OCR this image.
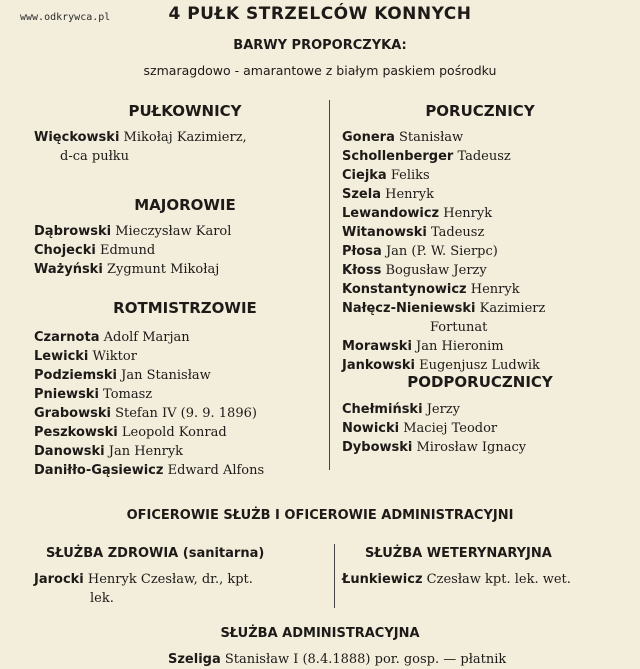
www.odkrywca.pl	4 PUŁK STRZELCÓW KONNYCH
BARWY PROPORCZYKA:
szmaragdowo - amarantowe z białym paskiem pośrodku
PUŁKOWNICY
Więckowski Mikołaj Kazimierz,
d-ca pułku
MAJOROWIE
Dąbrowski Mieczysław Karol
Chojecki Edmund
Ważyński Zygmunt Mikołaj
ROTMISTRZOWIE
Czarnota Adolf Marjan
Lewicki Wiktor
Podziemski Jan Stanisław
Pniewski Tomasz
Grabowski Stefan IV (9. 9. 1896)
Peszkowski Leopold Konrad
Danowski Jan Henryk
Daniłło-Gąsiewicz Edward Alfons
PORUCZNICY
Gonera Stanisław
Schollenberger Tadeusz
Ciejka Feliks
Szela Henryk
Lewandowicz Henryk
Witanowski Tadeusz
Płosa Jan (P. W. Sierpc)
Kłoss Bogusław Jerzy
Konstantynowicz Henryk
Nałęcz-Nieniewski Kazimierz
Fortunat
Morawski Jan Hieronim
Jankowski Eugenjusz Ludwik
PODPORUCZNICY
Chełmiński Jerzy
Nowicki Maciej Teodor
Dybowski Mirosław Ignacy
OFICEROWIE SŁUŻB I OFICEROWIE ADMINISTRACYJNI
SŁUŻBA ZDROWIA (sanitarna)
Jarocki Henryk Czesław, dr., kpt.
lek.
SŁUŻBA WETERYNARYJNA
Łunkiewicz Czesław kpt. lek. wet.
SŁUŻBA ADMINISTRACYJNA
Szeliga Stanisław I (8.4.1888) por. gosp. — płatnik
